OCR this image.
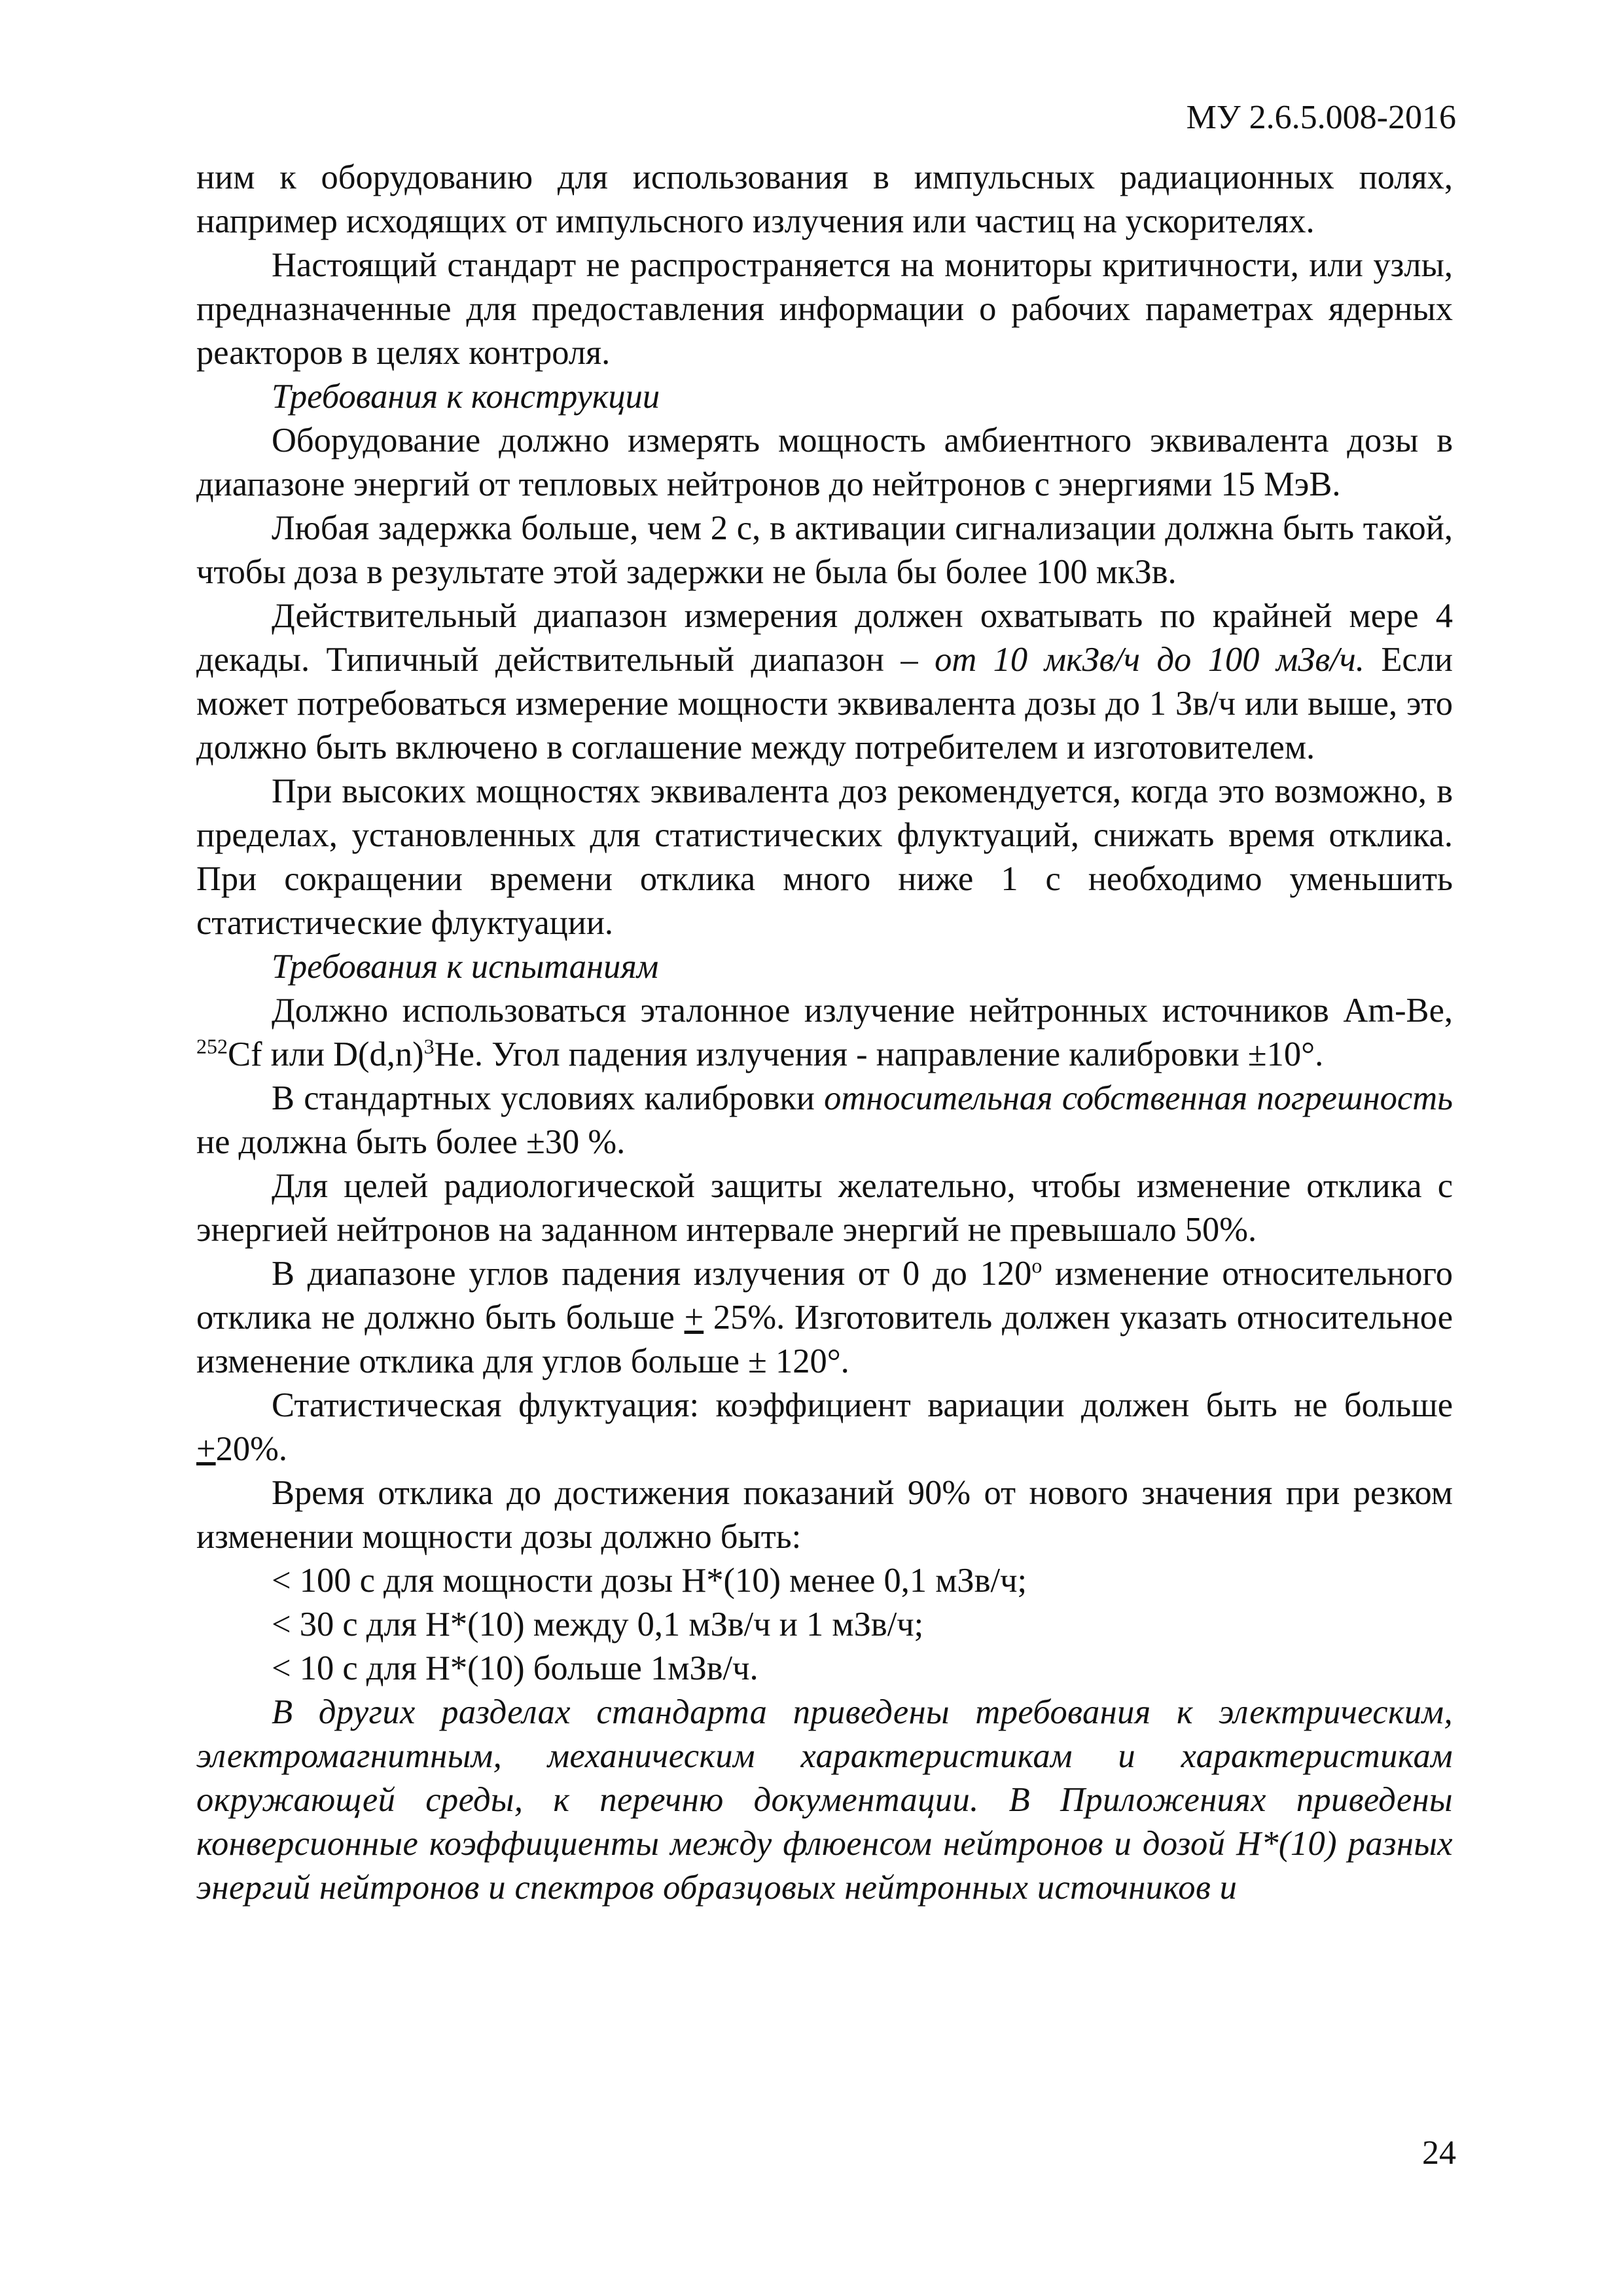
МУ 2.6.5.008-2016

ним к оборудованию для использования в импульсных радиационных полях, например исходящих от импульсного излучения или частиц на ускорителях.

Настоящий стандарт не распространяется на мониторы критичности, или узлы, предназначенные для предоставления информации о рабочих параметрах ядерных реакторов в целях контроля.

Требования к конструкции

Оборудование должно измерять мощность амбиентного эквивалента дозы в диапазоне энергий от тепловых нейтронов до нейтронов с энергиями 15 МэВ.

Любая задержка больше, чем 2 с, в активации сигнализации должна быть такой, чтобы доза в результате этой задержки не была бы более 100 мкЗв.

Действительный диапазон измерения должен охватывать по крайней мере 4 декады. Типичный действительный диапазон – от 10 мкЗв/ч до 100 мЗв/ч. Если может потребоваться измерение мощности эквивалента дозы до 1 Зв/ч или выше, это должно быть включено в соглашение между потребителем и изготовителем.

При высоких мощностях эквивалента доз рекомендуется, когда это возможно, в пределах, установленных для статистических флуктуаций, снижать время отклика. При сокращении времени отклика много ниже 1 с необходимо уменьшить статистические флуктуации.

Требования к испытаниям

Должно использоваться эталонное излучение нейтронных источников Am-Be, $^{252}$Cf или $D(d,n)^3He$. Угол падения излучения - направление калибровки ±10°.

В стандартных условиях калибровки относительная собственная погрешность не должна быть более ±30 %.

Для целей радиологической защиты желательно, чтобы изменение отклика с энергией нейтронов на заданном интервале энергий не превышало 50%.

В диапазоне углов падения излучения от 0 до $120^о$ изменение относительного отклика не должно быть больше + 25%. Изготовитель должен указать относительное изменение отклика для углов больше ± 120°.

Статистическая флуктуация: коэффициент вариации должен быть не больше +20%.

Время отклика до достижения показаний 90% от нового значения при резком изменении мощности дозы должно быть:

< 100 с для мощности дозы Н*(10) менее 0,1 мЗв/ч;

< 30 с для Н*(10) между 0,1 мЗв/ч и 1 мЗв/ч;

< 10 с для Н*(10) больше 1мЗв/ч.

В других разделах стандарта приведены требования к электрическим, электромагнитным, механическим характеристикам и характеристикам окружающей среды, к перечню документации. В Приложениях приведены конверсионные коэффициенты между флюенсом нейтронов и дозой Н*(10) разных энергий нейтронов и спектров образцовых нейтронных источников и

24
